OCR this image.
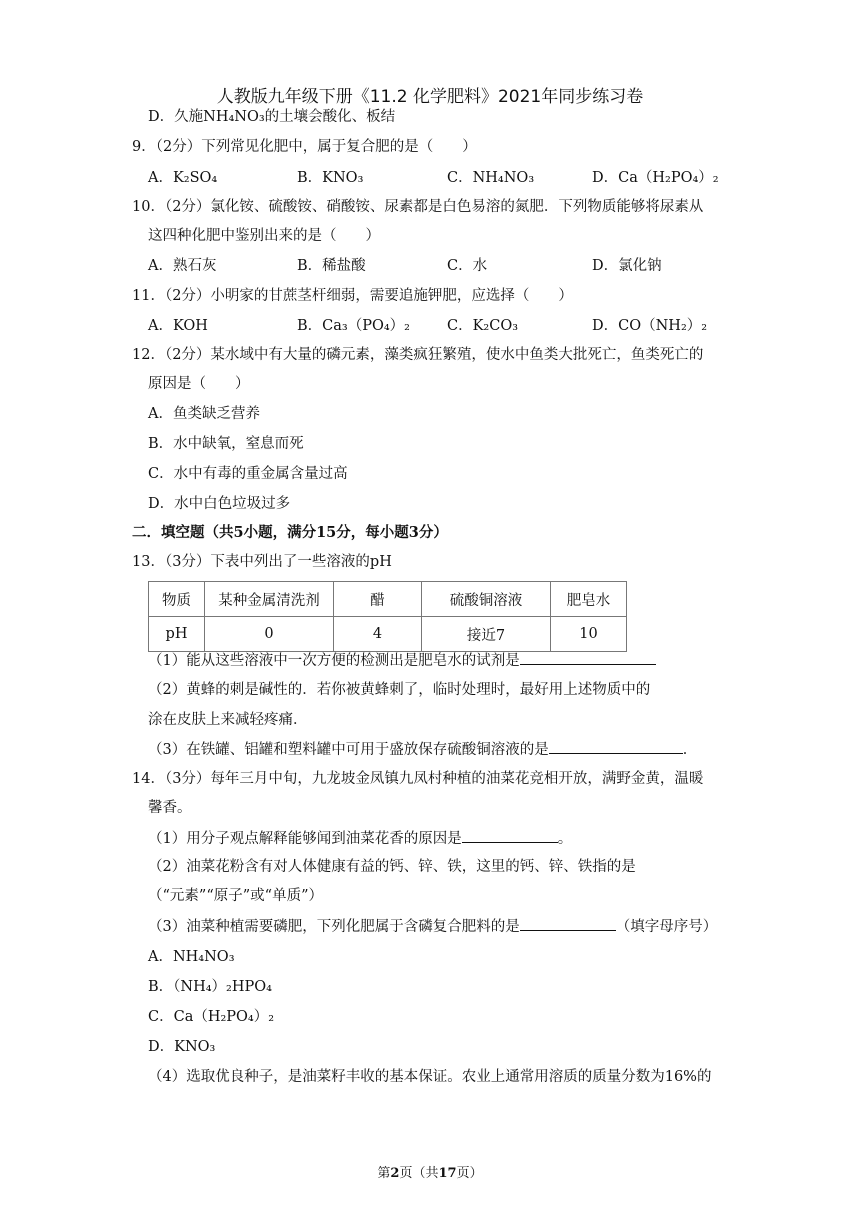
人教版九年级下册《11.2 化学肥料》2021年同步练习卷
D．久施NH₄NO₃的土壤会酸化、板结
9．（2分）下列常见化肥中，属于复合肥的是（　　）
A．K₂SO₄	B．KNO₃	C．NH₄NO₃	D．Ca（H₂PO₄）₂
10．（2分）氯化铵、硫酸铵、硝酸铵、尿素都是白色易溶的氮肥．下列物质能够将尿素从
这四种化肥中鉴别出来的是（　　）
A．熟石灰	B．稀盐酸	C．水	D．氯化钠
11．（2分）小明家的甘蔗茎杆细弱，需要追施钾肥，应选择（　　）
A．KOH	B．Ca₃（PO₄）₂	C．K₂CO₃	D．CO（NH₂）₂
12．（2分）某水域中有大量的磷元素，藻类疯狂繁殖，使水中鱼类大批死亡，鱼类死亡的
原因是（　　）
A．鱼类缺乏营养
B．水中缺氧，窒息而死
C．水中有毒的重金属含量过高
D．水中白色垃圾过多
二．填空题（共5小题，满分15分，每小题3分）
13．（3分）下表中列出了一些溶液的pH
物质	某种金属清洗剂	醋	硫酸铜溶液	肥皂水
pH	0	4	接近7	10
（1）能从这些溶液中一次方便的检测出是肥皂水的试剂是
（2）黄蜂的刺是碱性的．若你被黄蜂刺了，临时处理时，最好用上述物质中的
涂在皮肤上来减轻疼痛．
（3）在铁罐、铝罐和塑料罐中可用于盛放保存硫酸铜溶液的是	．
14．（3分）每年三月中旬，九龙坡金凤镇九凤村种植的油菜花竞相开放，满野金黄，温暖
馨香。
（1）用分子观点解释能够闻到油菜花香的原因是	。
（2）油菜花粉含有对人体健康有益的钙、锌、铁，这里的钙、锌、铁指的是
（“元素”“原子”或“单质”）
（3）油菜种植需要磷肥，下列化肥属于含磷复合肥料的是	（填字母序号）
A．NH₄NO₃
B．（NH₄）₂HPO₄
C．Ca（H₂PO₄）₂
D．KNO₃
（4）选取优良种子，是油菜籽丰收的基本保证。农业上通常用溶质的质量分数为16%的
第2页（共17页）
